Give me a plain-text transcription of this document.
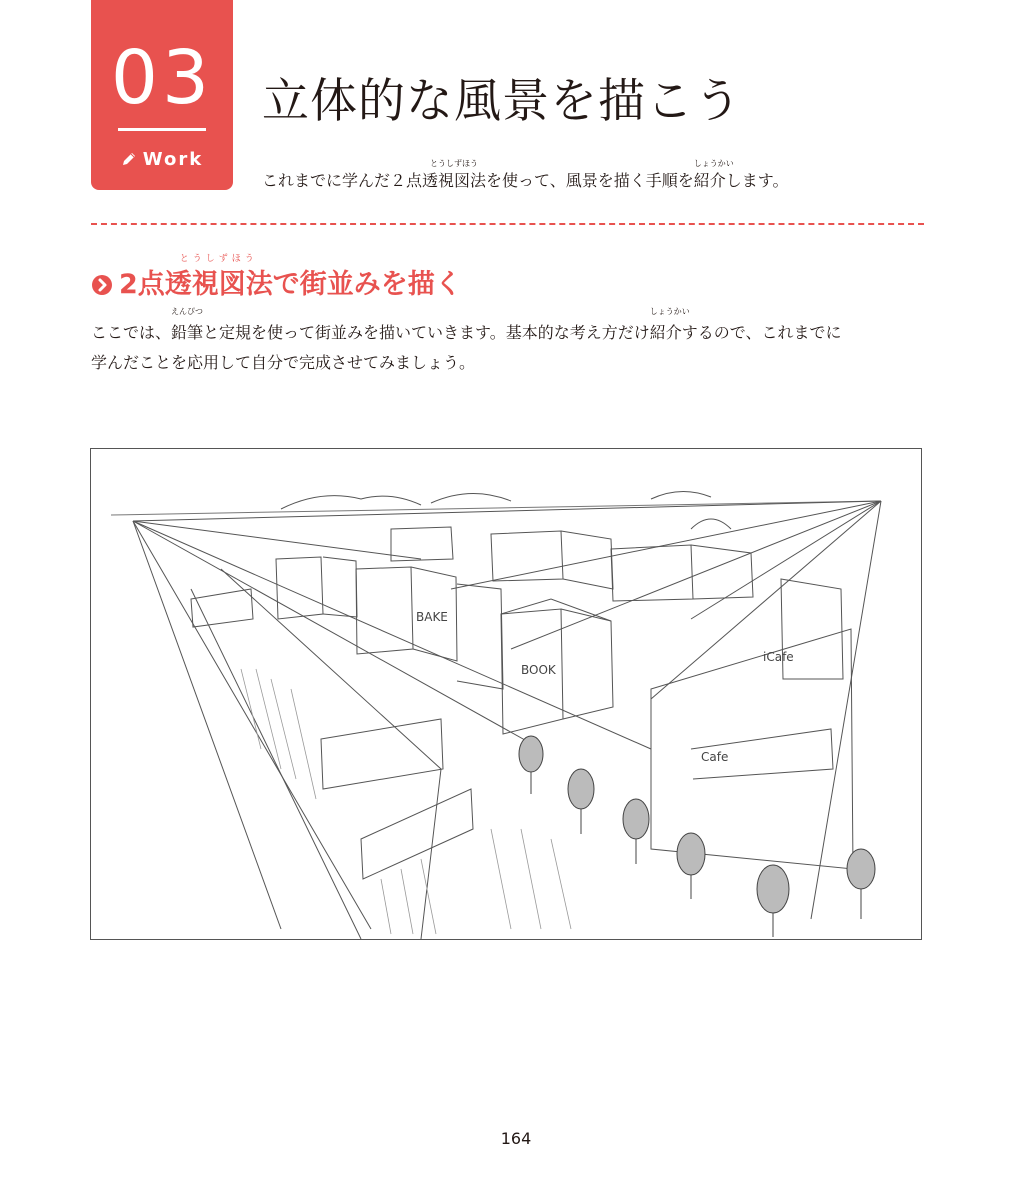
03
Work
立体的な風景を描こう
これまでに学んだ２点透視図法
とうしずほう
を使って、風景を描く手順を紹介
しょうかい
します。
2点透視図法
とうしずほう
で街並みを描く
ここでは、鉛筆
えんぴつ
と定規を使って街並みを描いていきます。基本的な考え方だけ紹介
しょうかい
するので、これまでに
学んだことを応用して自分で完成させてみましょう。
BAKE
BOOK
iCafe
Cafe
164
